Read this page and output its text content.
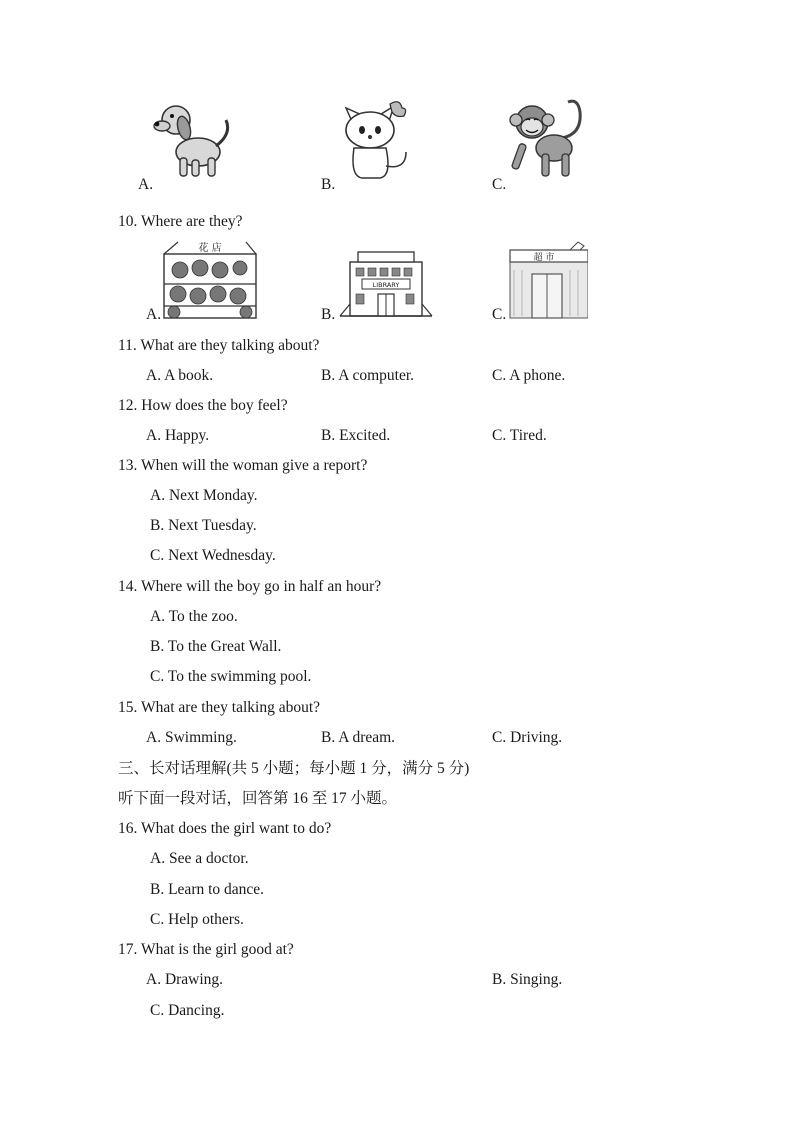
A.	B.	C.
10. Where are they?
花 店
A.
LIBRARY
B.
超 市
C.
11. What are they talking about?
A. A book.	B. A computer.	C. A phone.
12. How does the boy feel?
A. Happy.	B. Excited.	C. Tired.
13. When will the woman give a report?
A. Next Monday.
B. Next Tuesday.
C. Next Wednesday.
14. Where will the boy go in half an hour?
A. To the zoo.
B. To the Great Wall.
C. To the swimming pool.
15. What are they talking about?
A. Swimming.	B. A dream.	C. Driving.
三、长对话理解(共 5 小题；每小题 1 分，满分 5 分)
听下面一段对话，回答第 16 至 17 小题。
16. What does the girl want to do?
A. See a doctor.
B. Learn to dance.
C. Help others.
17. What is the girl good at?
A. Drawing.	B. Singing.
C. Dancing.
